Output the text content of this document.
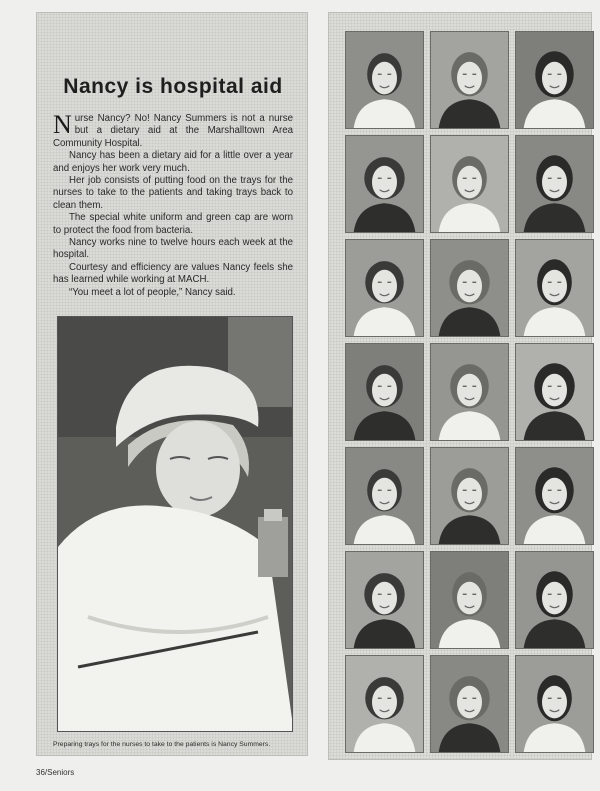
Nancy is hospital aid

Nurse Nancy? No! Nancy Summers is not a nurse but a dietary aid at the Marshalltown Area Community Hospital.

Nancy has been a dietary aid for a little over a year and enjoys her work very much.

Her job consists of putting food on the trays for the nurses to take to the patients and taking trays back to clean them.

The special white uniform and green cap are worn to protect the food from bacteria.

Nancy works nine to twelve hours each week at the hospital.

Courtesy and efficiency are values Nancy feels she has learned while working at MACH.

“You meet a lot of people,” Nancy said.

Preparing trays for the nurses to take to the patients is Nancy Summers.

36/Seniors
